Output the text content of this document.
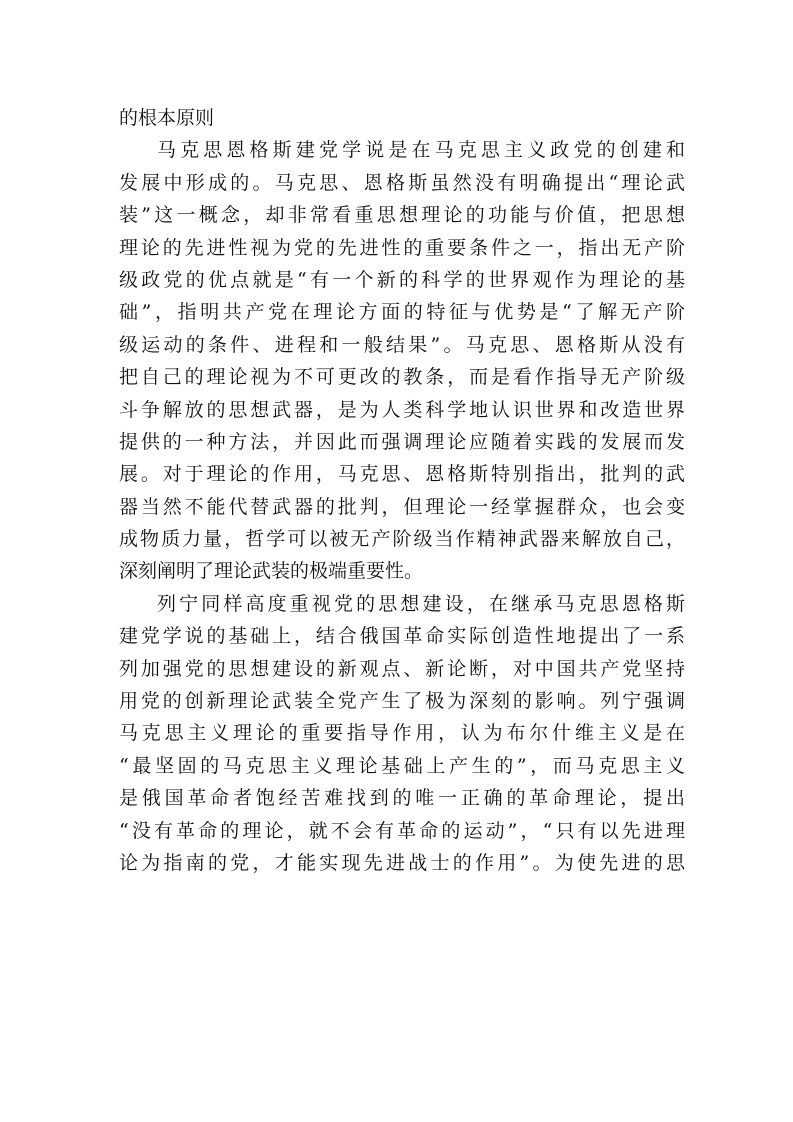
的根本原则
马克思恩格斯建党学说是在马克思主义政党的创建和
发展中形成的。马克思、恩格斯虽然没有明确提出“理论武
装”这一概念，却非常看重思想理论的功能与价值，把思想
理论的先进性视为党的先进性的重要条件之一，指出无产阶
级政党的优点就是“有一个新的科学的世界观作为理论的基
础”，指明共产党在理论方面的特征与优势是“了解无产阶
级运动的条件、进程和一般结果”。马克思、恩格斯从没有
把自己的理论视为不可更改的教条，而是看作指导无产阶级
斗争解放的思想武器，是为人类科学地认识世界和改造世界
提供的一种方法，并因此而强调理论应随着实践的发展而发
展。对于理论的作用，马克思、恩格斯特别指出，批判的武
器当然不能代替武器的批判，但理论一经掌握群众，也会变
成物质力量，哲学可以被无产阶级当作精神武器来解放自己，
深刻阐明了理论武装的极端重要性。
列宁同样高度重视党的思想建设，在继承马克思恩格斯
建党学说的基础上，结合俄国革命实际创造性地提出了一系
列加强党的思想建设的新观点、新论断，对中国共产党坚持
用党的创新理论武装全党产生了极为深刻的影响。列宁强调
马克思主义理论的重要指导作用，认为布尔什维主义是在
“最坚固的马克思主义理论基础上产生的”，而马克思主义
是俄国革命者饱经苦难找到的唯一正确的革命理论，提出
“没有革命的理论，就不会有革命的运动”，“只有以先进理
论为指南的党，才能实现先进战士的作用”。为使先进的思
